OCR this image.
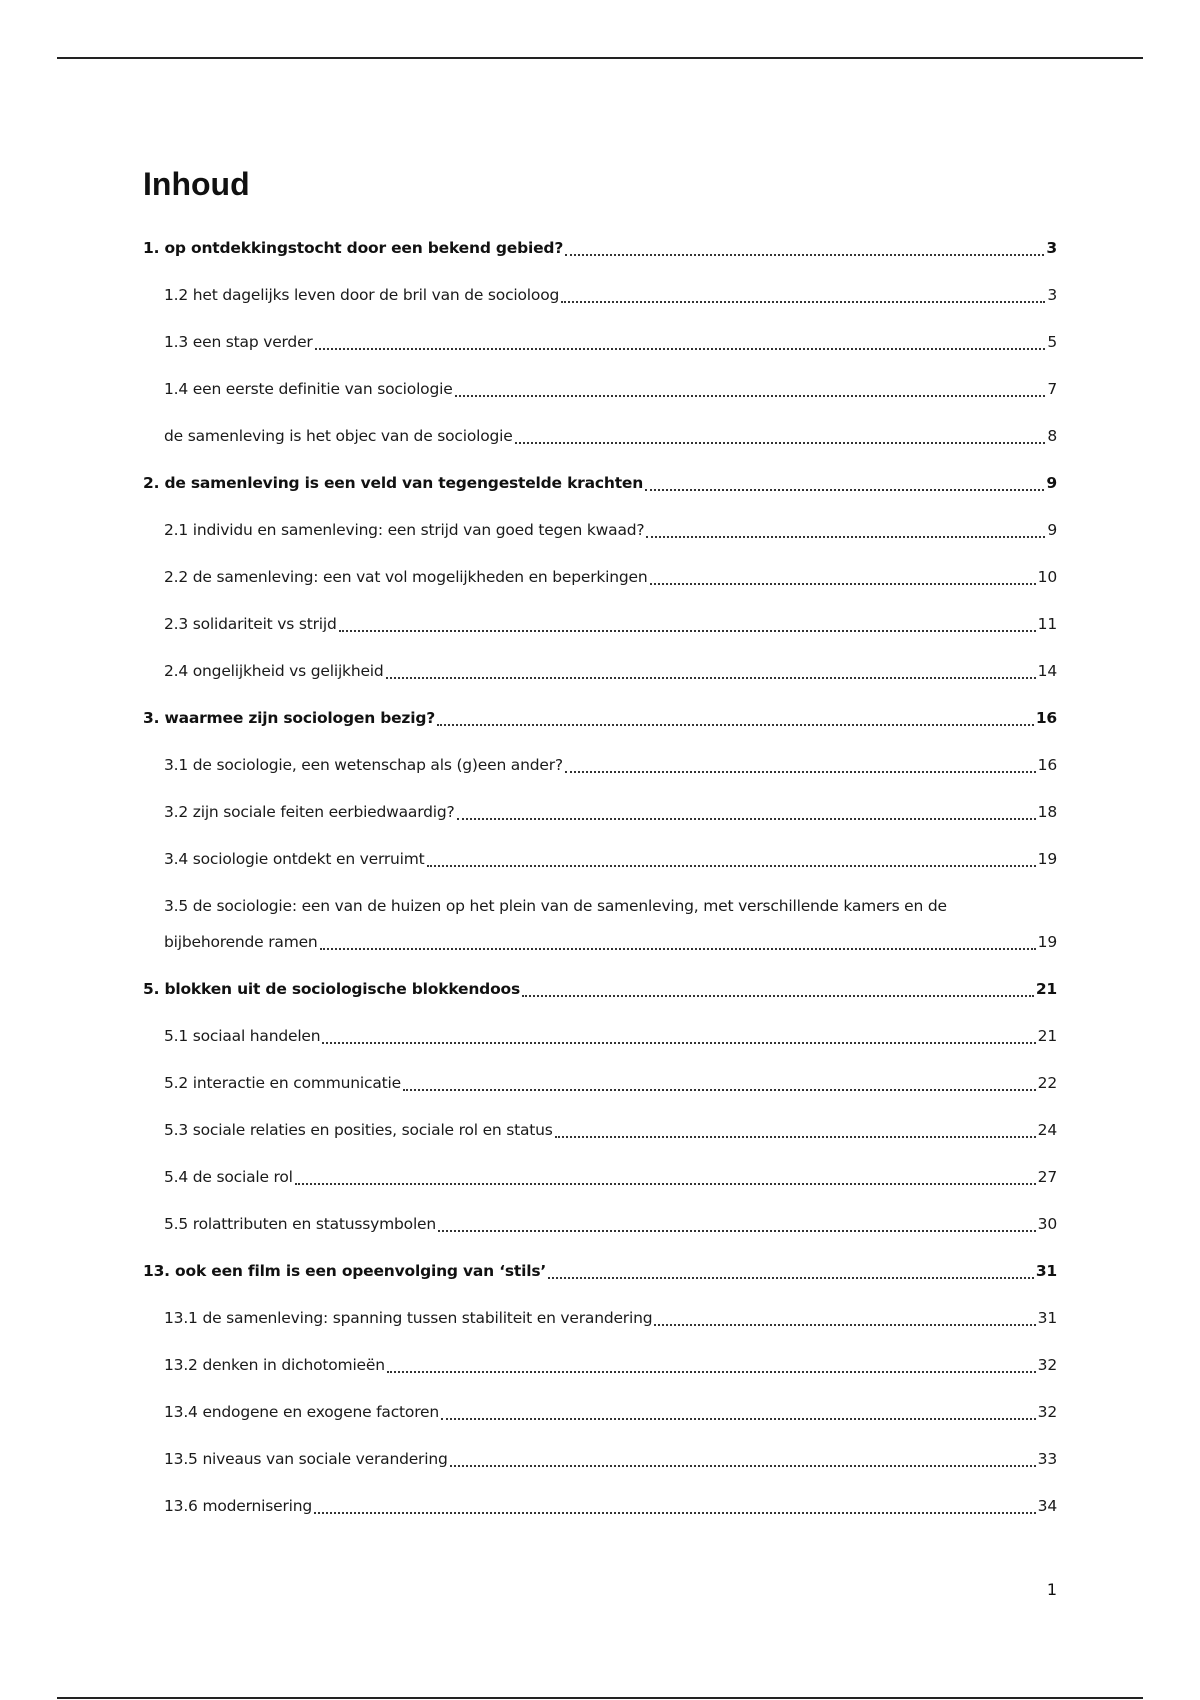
Inhoud
1. op ontdekkingstocht door een bekend gebied?	3
1.2 het dagelijks leven door de bril van de socioloog	3
1.3 een stap verder	5
1.4 een eerste definitie van sociologie	7
de samenleving is het objec van de sociologie	8
2. de samenleving is een veld van tegengestelde krachten	9
2.1 individu en samenleving: een strijd van goed tegen kwaad?	9
2.2 de samenleving: een vat vol mogelijkheden en beperkingen	10
2.3 solidariteit vs strijd	11
2.4 ongelijkheid vs gelijkheid	14
3. waarmee zijn sociologen bezig?	16
3.1 de sociologie, een wetenschap als (g)een ander?	16
3.2 zijn sociale feiten eerbiedwaardig?	18
3.4 sociologie ontdekt en verruimt	19
3.5 de sociologie: een van de huizen op het plein van de samenleving, met verschillende kamers en de
bijbehorende ramen	19
5. blokken uit de sociologische blokkendoos	21
5.1 sociaal handelen	21
5.2 interactie en communicatie	22
5.3 sociale relaties en posities, sociale rol en status	24
5.4 de sociale rol	27
5.5 rolattributen en statussymbolen	30
13. ook een film is een opeenvolging van ‘stils’	31
13.1 de samenleving: spanning tussen stabiliteit en verandering	31
13.2 denken in dichotomieën	32
13.4 endogene en exogene factoren	32
13.5 niveaus van sociale verandering	33
13.6 modernisering	34
1
